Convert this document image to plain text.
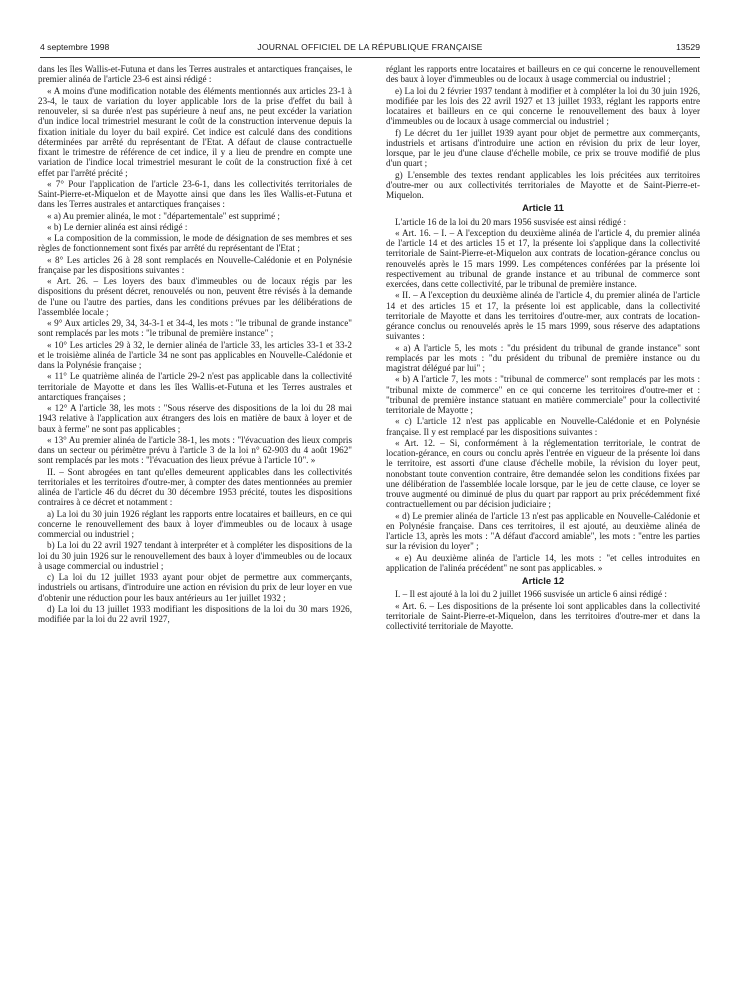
4 septembre 1998	JOURNAL OFFICIEL DE LA RÉPUBLIQUE FRANÇAISE	13529

dans les îles Wallis-et-Futuna et dans les Terres australes et antarctiques françaises, le premier alinéa de l'article 23-6 est ainsi rédigé :

« A moins d'une modification notable des éléments mentionnés aux articles 23-1 à 23-4, le taux de variation du loyer applicable lors de la prise d'effet du bail à renouveler, si sa durée n'est pas supérieure à neuf ans, ne peut excéder la variation d'un indice local trimestriel mesurant le coût de la construction intervenue depuis la fixation initiale du loyer du bail expiré. Cet indice est calculé dans des conditions déterminées par arrêté du représentant de l'Etat. A défaut de clause contractuelle fixant le trimestre de référence de cet indice, il y a lieu de prendre en compte une variation de l'indice local trimestriel mesurant le coût de la construction fixé à cet effet par l'arrêté précité ;

« 7° Pour l'application de l'article 23-6-1, dans les collectivités territoriales de Saint-Pierre-et-Miquelon et de Mayotte ainsi que dans les îles Wallis-et-Futuna et dans les Terres australes et antarctiques françaises :

« a) Au premier alinéa, le mot : "départementale" est supprimé ;

« b) Le dernier alinéa est ainsi rédigé :

« La composition de la commission, le mode de désignation de ses membres et ses règles de fonctionnement sont fixés par arrêté du représentant de l'Etat ;

« 8° Les articles 26 à 28 sont remplacés en Nouvelle-Calédonie et en Polynésie française par les dispositions suivantes :

« Art. 26. – Les loyers des baux d'immeubles ou de locaux régis par les dispositions du présent décret, renouvelés ou non, peuvent être révisés à la demande de l'une ou l'autre des parties, dans les conditions prévues par les délibérations de l'assemblée locale ;

« 9° Aux articles 29, 34, 34-3-1 et 34-4, les mots : "le tribunal de grande instance" sont remplacés par les mots : "le tribunal de première instance" ;

« 10° Les articles 29 à 32, le dernier alinéa de l'article 33, les articles 33-1 et 33-2 et le troisième alinéa de l'article 34 ne sont pas applicables en Nouvelle-Calédonie et dans la Polynésie française ;

« 11° Le quatrième alinéa de l'article 29-2 n'est pas applicable dans la collectivité territoriale de Mayotte et dans les îles Wallis-et-Futuna et les Terres australes et antarctiques françaises ;

« 12° A l'article 38, les mots : "Sous réserve des dispositions de la loi du 28 mai 1943 relative à l'application aux étrangers des lois en matière de baux à loyer et de baux à ferme" ne sont pas applicables ;

« 13° Au premier alinéa de l'article 38-1, les mots : "l'évacuation des lieux compris dans un secteur ou périmètre prévu à l'article 3 de la loi n° 62-903 du 4 août 1962" sont remplacés par les mots : "l'évacuation des lieux prévue à l'article 10". »

II. – Sont abrogées en tant qu'elles demeurent applicables dans les collectivités territoriales et les territoires d'outre-mer, à compter des dates mentionnées au premier alinéa de l'article 46 du décret du 30 décembre 1953 précité, toutes les dispositions contraires à ce décret et notamment :

a) La loi du 30 juin 1926 réglant les rapports entre locataires et bailleurs, en ce qui concerne le renouvellement des baux à loyer d'immeubles ou de locaux à usage commercial ou industriel ;

b) La loi du 22 avril 1927 tendant à interpréter et à compléter les dispositions de la loi du 30 juin 1926 sur le renouvellement des baux à loyer d'immeubles ou de locaux à usage commercial ou industriel ;

c) La loi du 12 juillet 1933 ayant pour objet de permettre aux commerçants, industriels ou artisans, d'introduire une action en révision du prix de leur loyer en vue d'obtenir une réduction pour les baux antérieurs au 1er juillet 1932 ;

d) La loi du 13 juillet 1933 modifiant les dispositions de la loi du 30 mars 1926, modifiée par la loi du 22 avril 1927,

réglant les rapports entre locataires et bailleurs en ce qui concerne le renouvellement des baux à loyer d'immeubles ou de locaux à usage commercial ou industriel ;

e) La loi du 2 février 1937 tendant à modifier et à compléter la loi du 30 juin 1926, modifiée par les lois des 22 avril 1927 et 13 juillet 1933, réglant les rapports entre locataires et bailleurs en ce qui concerne le renouvellement des baux à loyer d'immeubles ou de locaux à usage commercial ou industriel ;

f) Le décret du 1er juillet 1939 ayant pour objet de permettre aux commerçants, industriels et artisans d'introduire une action en révision du prix de leur loyer, lorsque, par le jeu d'une clause d'échelle mobile, ce prix se trouve modifié de plus d'un quart ;

g) L'ensemble des textes rendant applicables les lois précitées aux territoires d'outre-mer ou aux collectivités territoriales de Mayotte et de Saint-Pierre-et-Miquelon.

Article 11

L'article 16 de la loi du 20 mars 1956 susvisée est ainsi rédigé :

« Art. 16. – I. – A l'exception du deuxième alinéa de l'article 4, du premier alinéa de l'article 14 et des articles 15 et 17, la présente loi s'applique dans la collectivité territoriale de Saint-Pierre-et-Miquelon aux contrats de location-gérance conclus ou renouvelés après le 15 mars 1999. Les compétences conférées par la présente loi respectivement au tribunal de grande instance et au tribunal de commerce sont exercées, dans cette collectivité, par le tribunal de première instance.

« II. – A l'exception du deuxième alinéa de l'article 4, du premier alinéa de l'article 14 et des articles 15 et 17, la présente loi est applicable, dans la collectivité territoriale de Mayotte et dans les territoires d'outre-mer, aux contrats de location-gérance conclus ou renouvelés après le 15 mars 1999, sous réserve des adaptations suivantes :

« a) A l'article 5, les mots : "du président du tribunal de grande instance" sont remplacés par les mots : "du président du tribunal de première instance ou du magistrat délégué par lui" ;

« b) A l'article 7, les mots : "tribunal de commerce" sont remplacés par les mots : "tribunal mixte de commerce" en ce qui concerne les territoires d'outre-mer et : "tribunal de première instance statuant en matière commerciale" pour la collectivité territoriale de Mayotte ;

« c) L'article 12 n'est pas applicable en Nouvelle-Calédonie et en Polynésie française. Il y est remplacé par les dispositions suivantes :

« Art. 12. – Si, conformément à la réglementation territoriale, le contrat de location-gérance, en cours ou conclu après l'entrée en vigueur de la présente loi dans le territoire, est assorti d'une clause d'échelle mobile, la révision du loyer peut, nonobstant toute convention contraire, être demandée selon les conditions fixées par une délibération de l'assemblée locale lorsque, par le jeu de cette clause, ce loyer se trouve augmenté ou diminué de plus du quart par rapport au prix précédemment fixé contractuellement ou par décision judiciaire ;

« d) Le premier alinéa de l'article 13 n'est pas applicable en Nouvelle-Calédonie et en Polynésie française. Dans ces territoires, il est ajouté, au deuxième alinéa de l'article 13, après les mots : "A défaut d'accord amiable", les mots : "entre les parties sur la révision du loyer" ;

« e) Au deuxième alinéa de l'article 14, les mots : "et celles introduites en application de l'alinéa précédent" ne sont pas applicables. »

Article 12

I. – Il est ajouté à la loi du 2 juillet 1966 susvisée un article 6 ainsi rédigé :

« Art. 6. – Les dispositions de la présente loi sont applicables dans la collectivité territoriale de Saint-Pierre-et-Miquelon, dans les territoires d'outre-mer et dans la collectivité territoriale de Mayotte.
